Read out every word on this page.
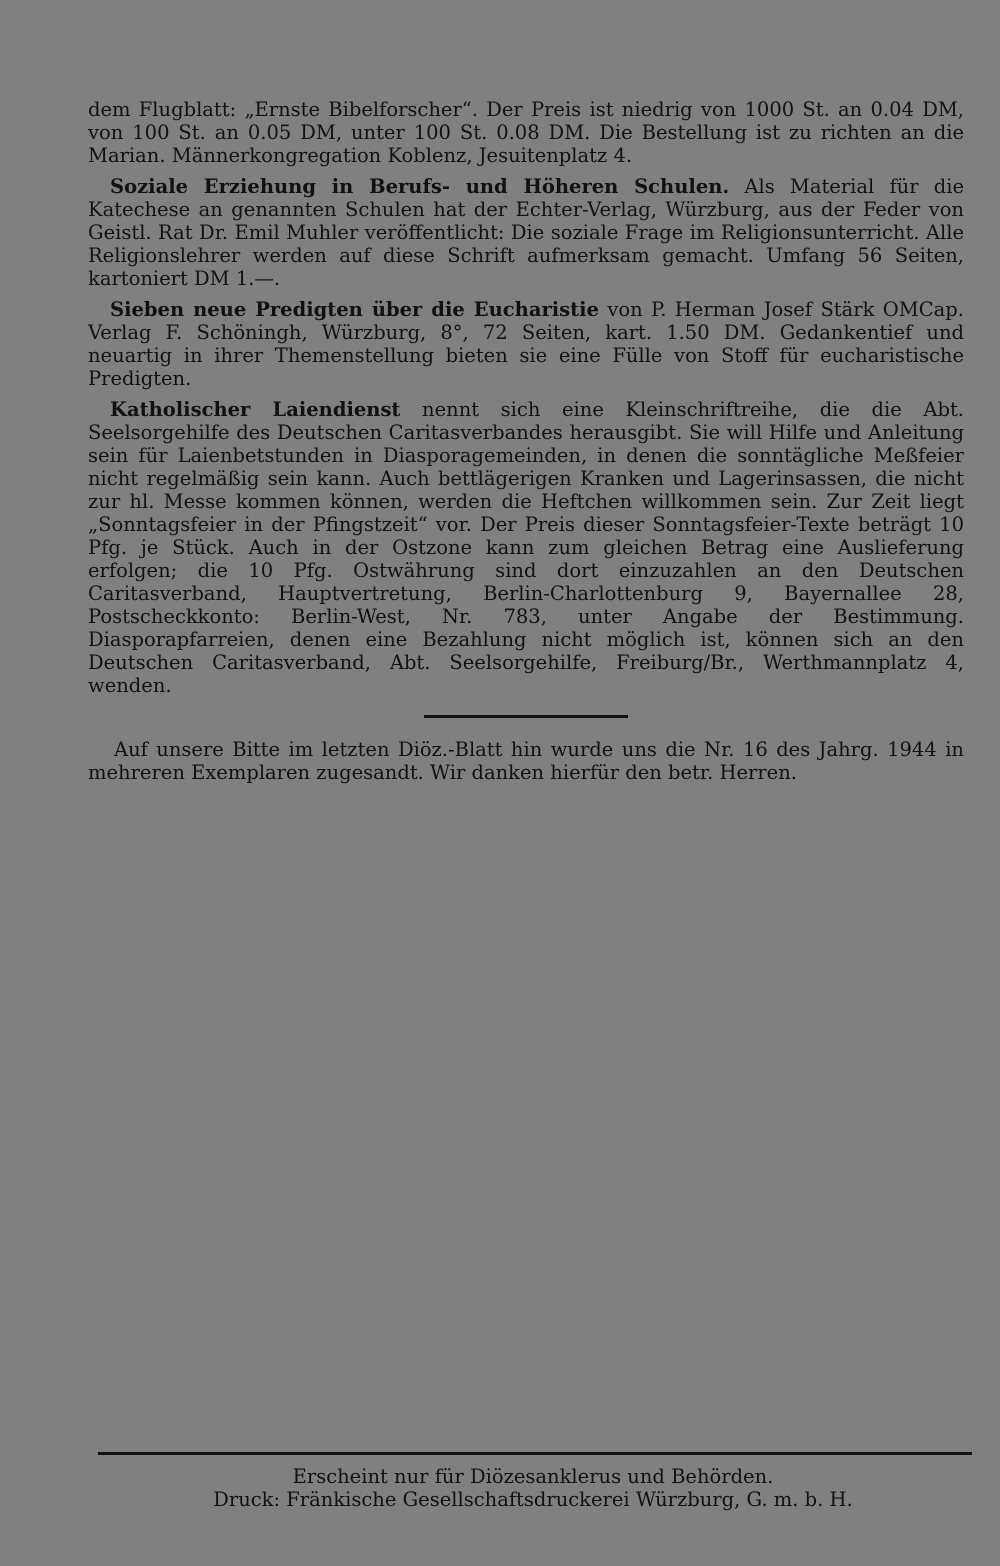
dem Flugblatt: „Ernste Bibelforscher“. Der Preis ist niedrig von 1000 St. an 0.04 DM, von 100 St. an 0.05 DM, unter 100 St. 0.08 DM. Die Bestellung ist zu richten an die Marian. Männerkongregation Koblenz, Jesuitenplatz 4.

Soziale Erziehung in Berufs- und Höheren Schulen. Als Material für die Katechese an genannten Schulen hat der Echter-Verlag, Würzburg, aus der Feder von Geistl. Rat Dr. Emil Muhler veröffentlicht: Die soziale Frage im Religionsunterricht. Alle Religionslehrer werden auf diese Schrift aufmerksam gemacht. Umfang 56 Seiten, kartoniert DM 1.—.

Sieben neue Predigten über die Eucharistie von P. Herman Josef Stärk OMCap. Verlag F. Schöningh, Würzburg, 8°, 72 Seiten, kart. 1.50 DM. Gedankentief und neuartig in ihrer Themenstellung bieten sie eine Fülle von Stoff für eucharistische Predigten.

Katholischer Laiendienst nennt sich eine Kleinschriftreihe, die die Abt. Seelsorgehilfe des Deutschen Caritasverbandes herausgibt. Sie will Hilfe und Anleitung sein für Laienbetstunden in Diasporagemeinden, in denen die sonntägliche Meßfeier nicht regelmäßig sein kann. Auch bettlägerigen Kranken und Lagerinsassen, die nicht zur hl. Messe kommen können, werden die Heftchen willkommen sein. Zur Zeit liegt „Sonntagsfeier in der Pfingstzeit“ vor. Der Preis dieser Sonntagsfeier-Texte beträgt 10 Pfg. je Stück. Auch in der Ostzone kann zum gleichen Betrag eine Auslieferung erfolgen; die 10 Pfg. Ostwährung sind dort einzuzahlen an den Deutschen Caritasverband, Hauptvertretung, Berlin-Charlottenburg 9, Bayernallee 28, Postscheckkonto: Berlin-West, Nr. 783, unter Angabe der Bestimmung. Diasporapfarreien, denen eine Bezahlung nicht möglich ist, können sich an den Deutschen Caritasverband, Abt. Seelsorgehilfe, Freiburg/Br., Werthmannplatz 4, wenden.

Auf unsere Bitte im letzten Diöz.-Blatt hin wurde uns die Nr. 16 des Jahrg. 1944 in mehreren Exemplaren zugesandt. Wir danken hierfür den betr. Herren.

Erscheint nur für Diözesanklerus und Behörden.
Druck: Fränkische Gesellschaftsdruckerei Würzburg, G. m. b. H.
